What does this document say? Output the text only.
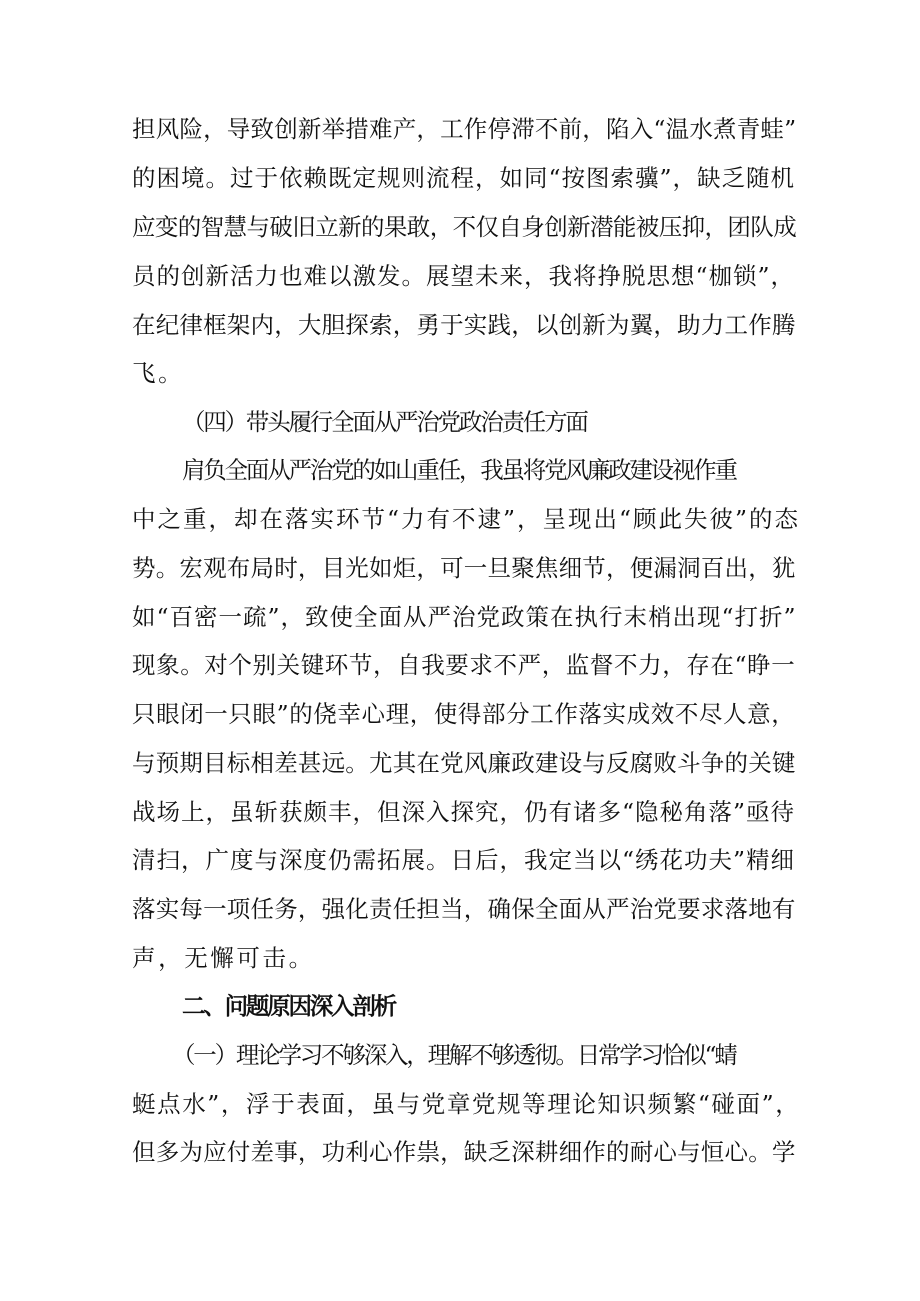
担风险，导致创新举措难产，工作停滞不前，陷入“温水煮青蛙”
的困境。过于依赖既定规则流程，如同“按图索骥”，缺乏随机
应变的智慧与破旧立新的果敢，不仅自身创新潜能被压抑，团队成
员的创新活力也难以激发。展望未来，我将挣脱思想“枷锁”，
在纪律框架内，大胆探索，勇于实践，以创新为翼，助力工作腾
飞。
（四）带头履行全面从严治党政治责任方面
肩负全面从严治党的如山重任，我虽将党风廉政建设视作重
中之重，却在落实环节“力有不逮”，呈现出“顾此失彼”的态
势。宏观布局时，目光如炬，可一旦聚焦细节，便漏洞百出，犹
如“百密一疏”，致使全面从严治党政策在执行末梢出现“打折”
现象。对个别关键环节，自我要求不严，监督不力，存在“睁一
只眼闭一只眼”的侥幸心理，使得部分工作落实成效不尽人意，
与预期目标相差甚远。尤其在党风廉政建设与反腐败斗争的关键
战场上，虽斩获颇丰，但深入探究，仍有诸多“隐秘角落”亟待
清扫，广度与深度仍需拓展。日后，我定当以“绣花功夫”精细
落实每一项任务，强化责任担当，确保全面从严治党要求落地有
声，无懈可击。
二、问题原因深入剖析
（一）理论学习不够深入，理解不够透彻。日常学习恰似“蜻
蜓点水”，浮于表面，虽与党章党规等理论知识频繁“碰面”，
但多为应付差事，功利心作祟，缺乏深耕细作的耐心与恒心。学
